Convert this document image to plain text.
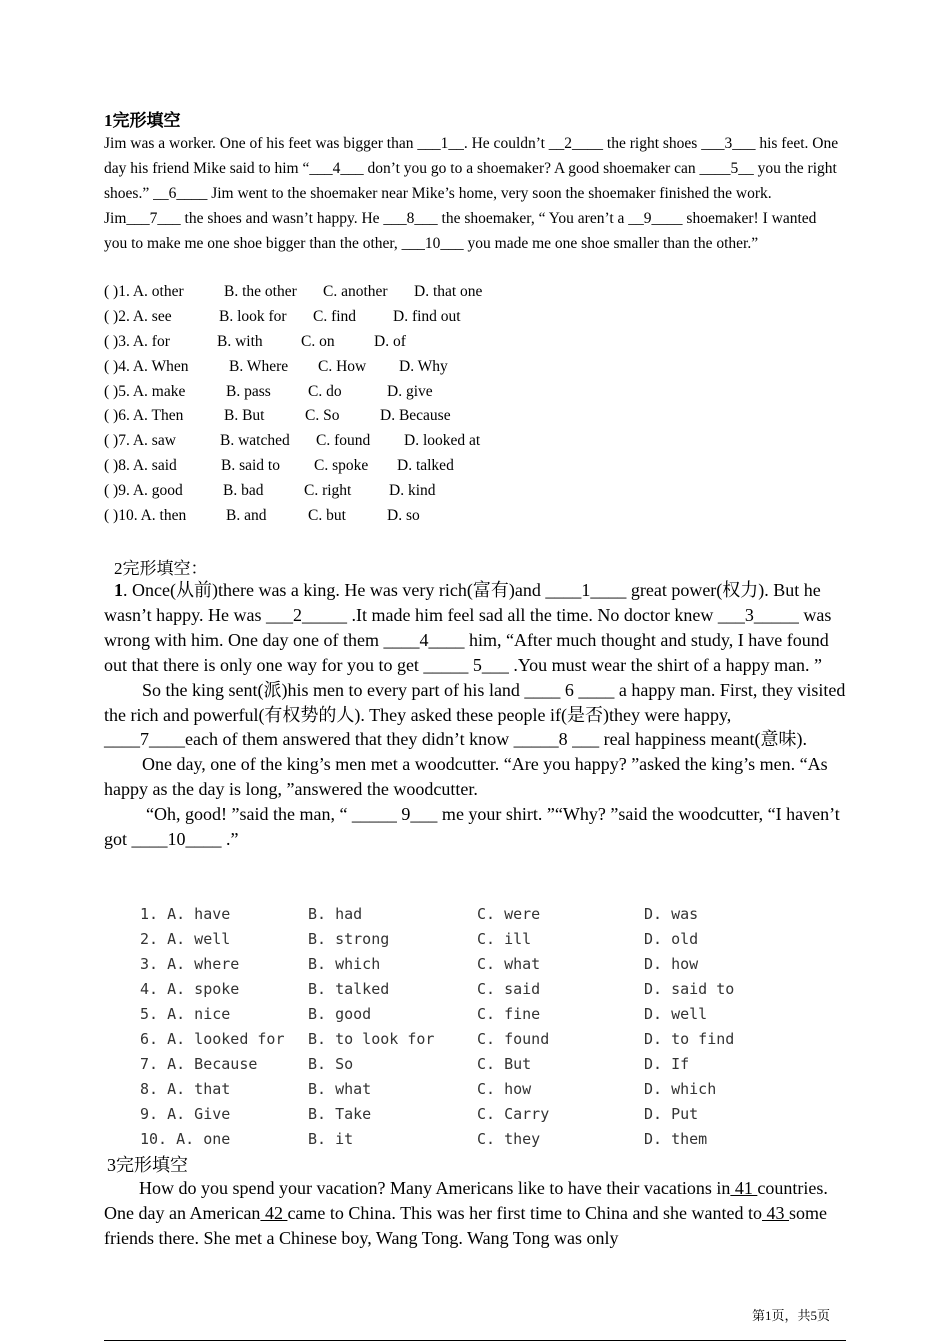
1完形填空

Jim was a worker. One of his feet was bigger than ___1__. He couldn’t __2____ the right shoes ___3___ his feet. One day his friend Mike said to him “___4___ don’t you go to a shoemaker? A good shoemaker can ____5__ you the right shoes.” __6____ Jim went to the shoemaker near Mike’s home, very soon the shoemaker finished the work. Jim___7___ the shoes and wasn’t happy. He ___8___ the shoemaker, “ You aren’t a __9____ shoemaker! I wanted you to make me one shoe bigger than the other, ___10___ you made me one shoe smaller than the other.”

( )1. A. other	B. the other C. another D. that one
( )2. A. see	B. look for C. find D. find out
( )3. A. for	B. with C. on	D. of
( )4. A. When	B. Where C. How D. Why
( )5. A. make	B. pass C. do	D. give
( )6. A. Then	B. But	C. So	D. Because
( )7. A. saw	B. watched C. found D. looked at
( )8. A. said	B. said to C. spoke D. talked
( )9. A. good	B. bad	C. right D. kind
( )10. A. then	B. and	C. but	D. so
2完形填空：

1. Once(从前)there was a king. He was very rich(富有)and ____1____ great power(权力). But he wasn’t happy. He was ___2_____ .It made him feel sad all the time. No doctor knew ___3_____ was wrong with him. One day one of them ____4____ him, “After much thought and study, I have found out that there is only one way for you to get _____ 5___ .You must wear the shirt of a happy man. ”

So the king sent(派)his men to every part of his land ____ 6 ____ a happy man. First, they visited the rich and powerful(有权势的人). They asked these people if(是否)they were happy, ____7____each of them answered that they didn’t know _____8 ___ real happiness meant(意味).

One day, one of the king’s men met a woodcutter. “Are you happy? ”asked the king’s men. “As happy as the day is long, ”answered the woodcutter.

“Oh, good! ”said the man, “ _____ 9___ me your shirt. ”“Why? ”said the woodcutter, “I haven’t got ____10____ .”

1. A. have	B. had	C. were	D. was
2. A. well	B. strong	C. ill	D. old
3. A. where	B. which	C. what	D. how
4. A. spoke	B. talked	C. said	D. said to
5. A. nice	B. good	C. fine	D. well
6. A. looked for B. to look for	C. found	D. to find
7. A. Because	B. So	C. But	D. If
8. A. that	B. what	C. how	D. which
9. A. Give	B. Take	C. Carry	D. Put
10. A. one	B. it	C. they	D. them
3完形填空

How do you spend your vacation? Many Americans like to have their vacations in 41 countries. One day an American 42 came to China. This was her first time to China and she wanted to 43 some friends there. She met a Chinese boy, Wang Tong. Wang Tong was only

第1页，共5页
